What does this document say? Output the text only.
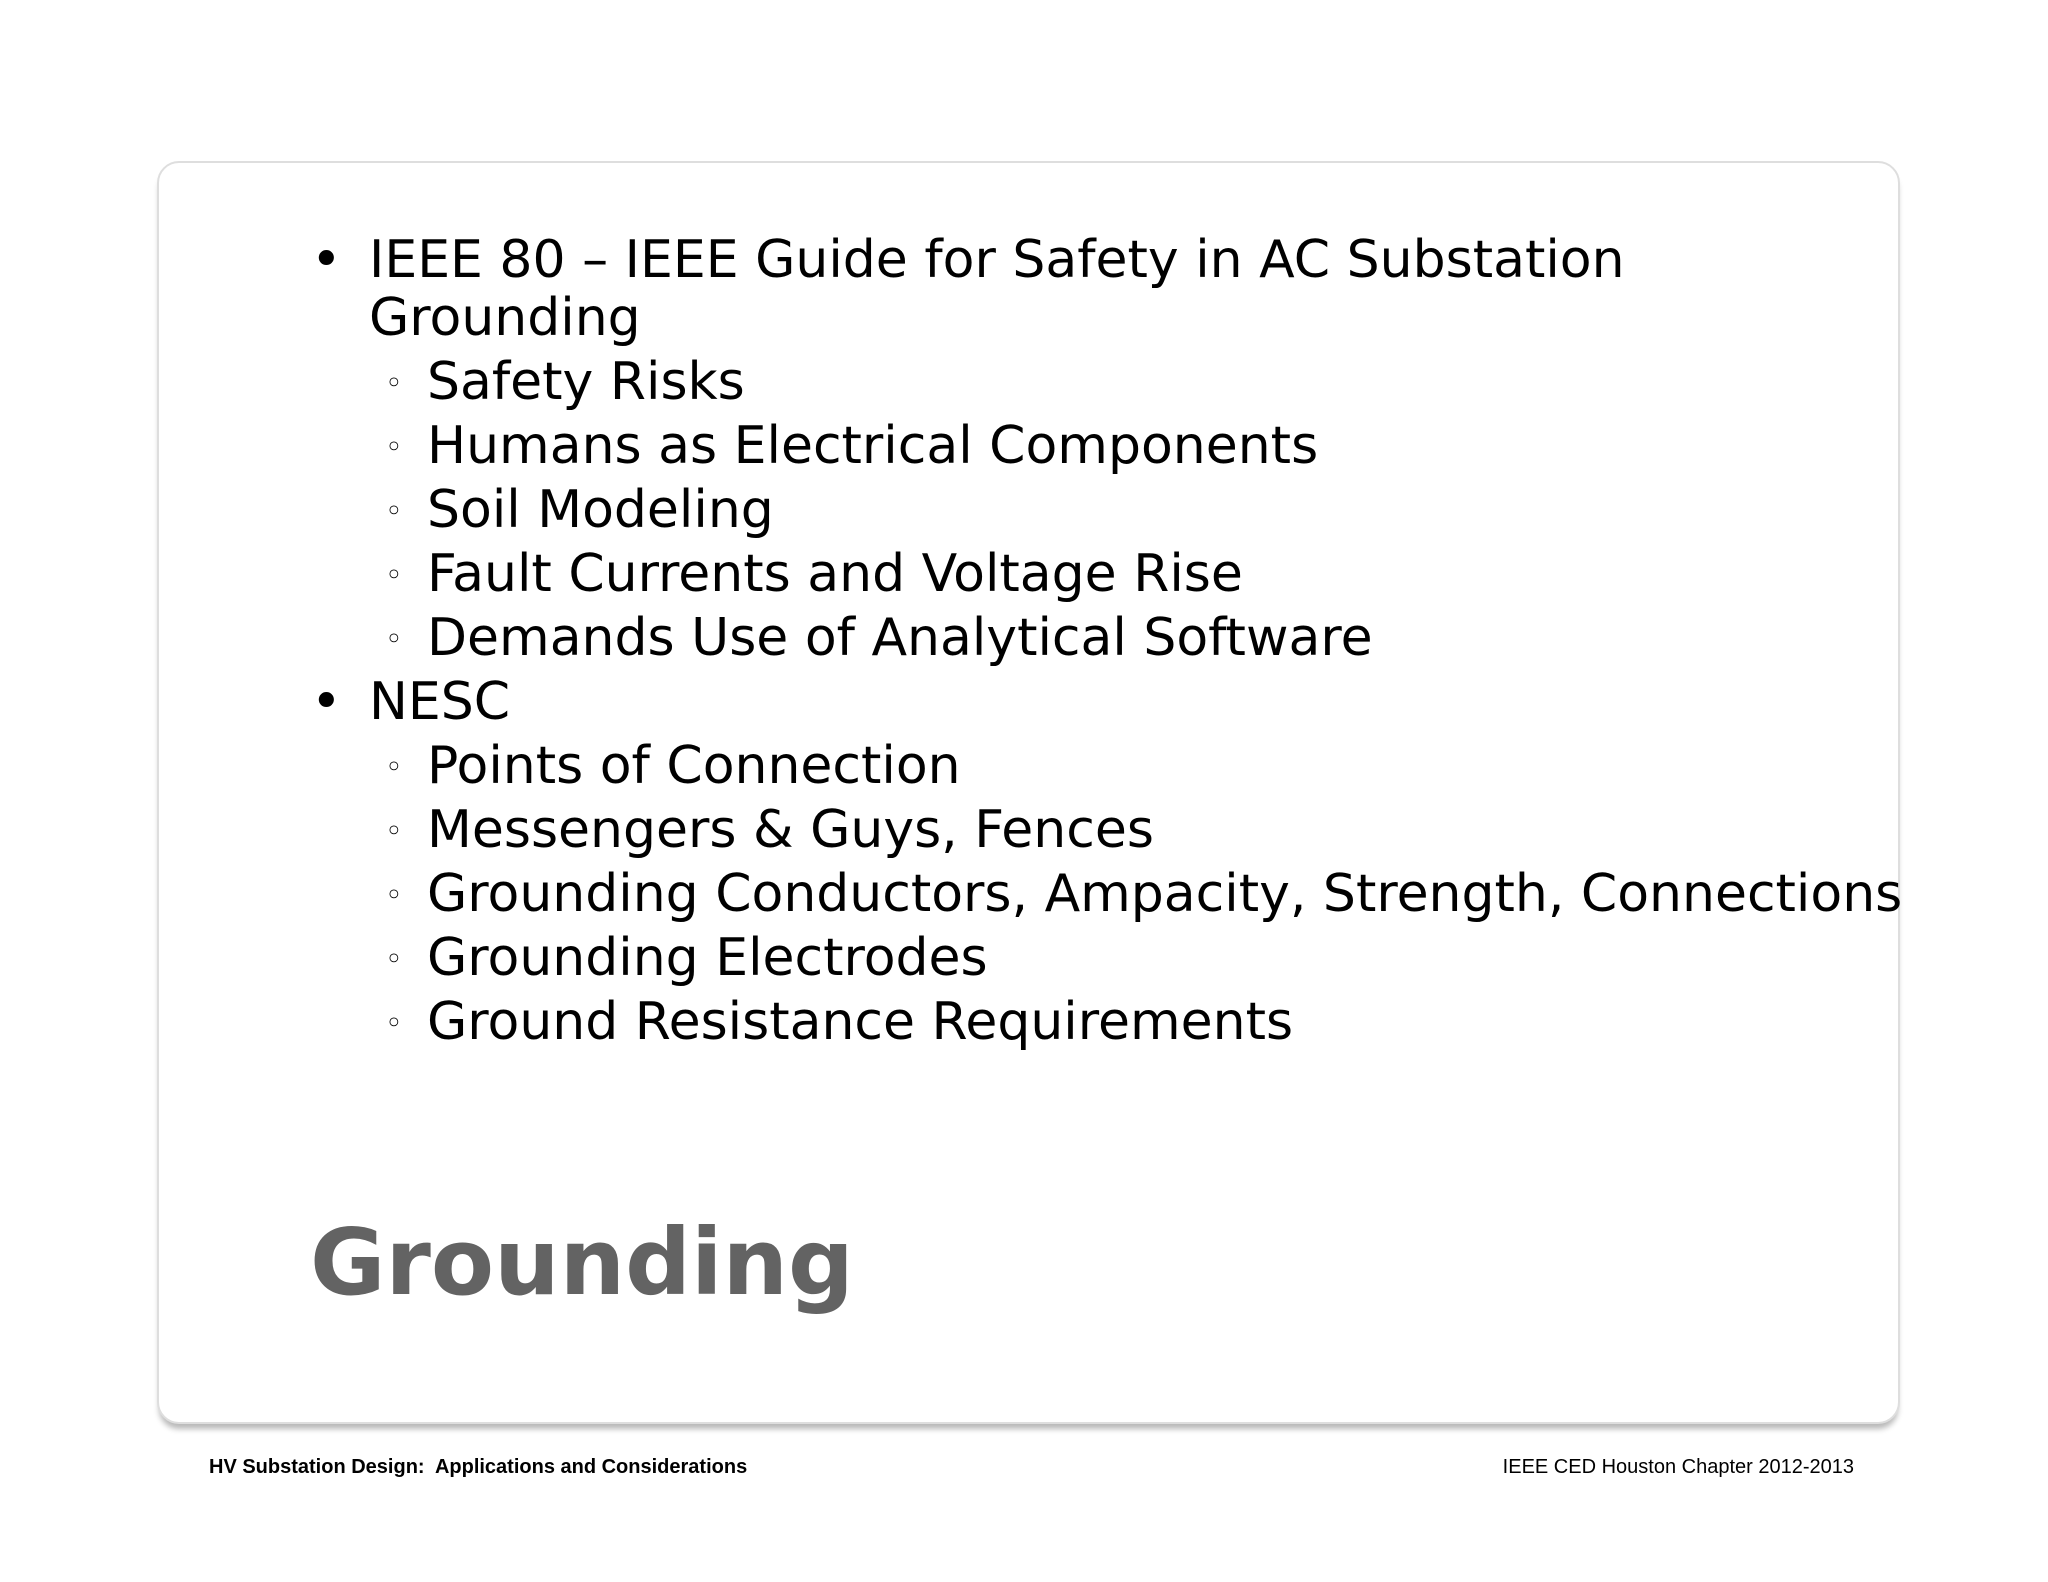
• IEEE 80 – IEEE Guide for Safety in AC Substation Grounding
◦ Safety Risks
◦ Humans as Electrical Components
◦ Soil Modeling
◦ Fault Currents and Voltage Rise
◦ Demands Use of Analytical Software
• NESC
◦ Points of Connection
◦ Messengers & Guys, Fences
◦ Grounding Conductors, Ampacity, Strength, Connections
◦ Grounding Electrodes
◦ Ground Resistance Requirements
Grounding
HV Substation Design:  Applications and Considerations	IEEE CED Houston Chapter 2012-2013
